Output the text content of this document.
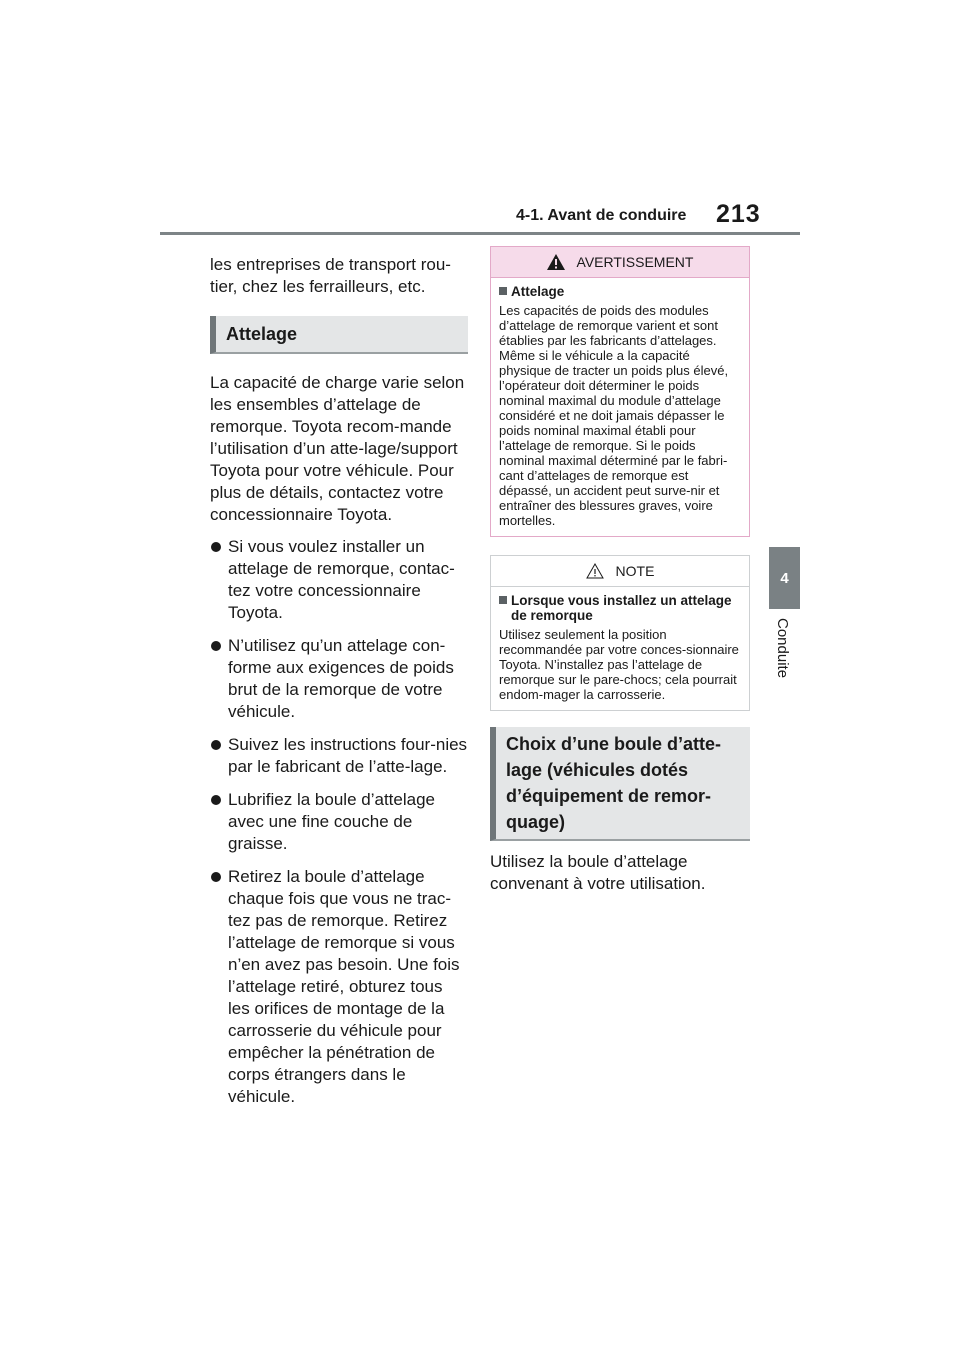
4-1. Avant de conduire 213
4
Conduite

les entreprises de transport rou-tier, chez les ferrailleurs, etc.

Attelage

La capacité de charge varie selon les ensembles d’attelage de remorque. Toyota recom-mande l’utilisation d’un atte-lage/support Toyota pour votre véhicule. Pour plus de détails, contactez votre concessionnaire Toyota.

Si vous voulez installer un attelage de remorque, contac-tez votre concessionnaire Toyota.
N’utilisez qu’un attelage con-forme aux exigences de poids brut de la remorque de votre véhicule.
Suivez les instructions four-nies par le fabricant de l’atte-lage.
Lubrifiez la boule d’attelage avec une fine couche de graisse.
Retirez la boule d’attelage chaque fois que vous ne trac-tez pas de remorque. Retirez l’attelage de remorque si vous n’en avez pas besoin. Une fois l’attelage retiré, obturez tous les orifices de montage de la carrosserie du véhicule pour empêcher la pénétration de corps étrangers dans le véhicule.
AVERTISSEMENT
Attelage

Les capacités de poids des modules d’attelage de remorque varient et sont établies par les fabricants d’attelages. Même si le véhicule a la capacité physique de tracter un poids plus élevé, l’opérateur doit déterminer le poids nominal maximal du module d’attelage considéré et ne doit jamais dépasser le poids nominal maximal établi pour l’attelage de remorque. Si le poids nominal maximal déterminé par le fabri-cant d’attelages de remorque est dépassé, un accident peut surve-nir et entraîner des blessures graves, voire mortelles.

NOTE
Lorsque vous installez un attelage de remorque

Utilisez seulement la position recommandée par votre conces-sionnaire Toyota. N’installez pas l’attelage de remorque sur le pare-chocs; cela pourrait endom-mager la carrosserie.

Choix d’une boule d’atte-lage (véhicules dotés d’équipement de remor-quage)

Utilisez la boule d’attelage convenant à votre utilisation.
